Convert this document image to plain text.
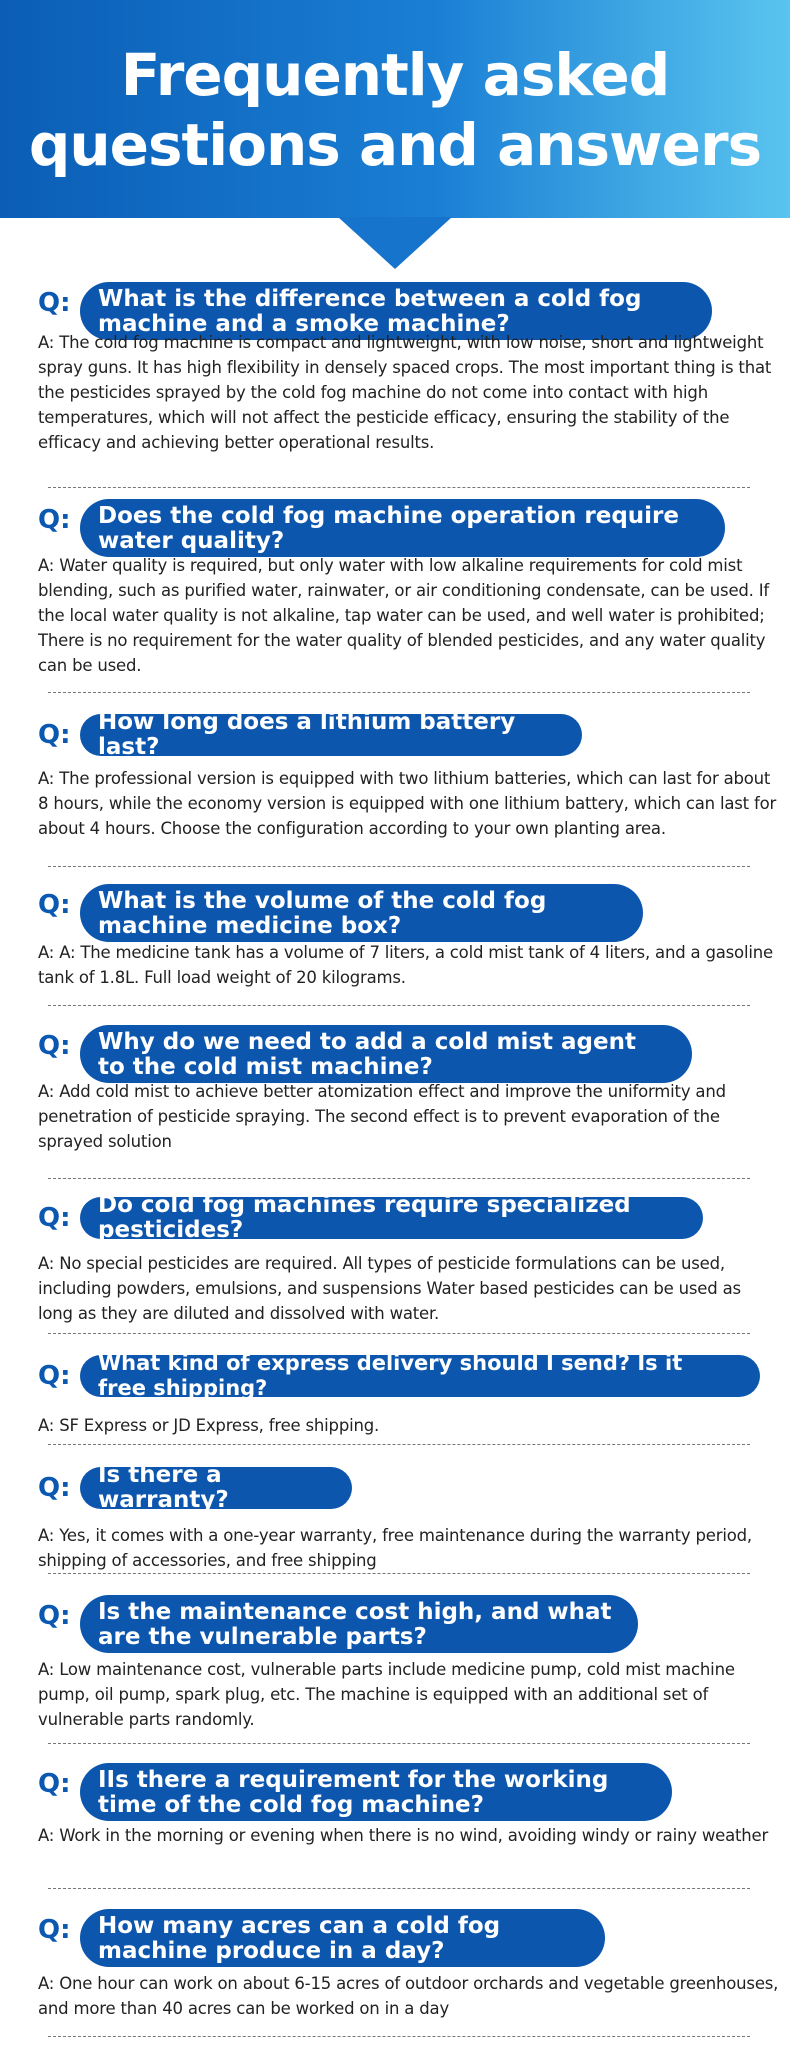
Frequently asked
questions and answers
Q:	What is the difference between a cold fog machine and a smoke machine?
A: The cold fog machine is compact and lightweight, with low noise, short and lightweight spray guns. It has high flexibility in densely spaced crops. The most important thing is that the pesticides sprayed by the cold fog machine do not come into contact with high temperatures, which will not affect the pesticide efficacy, ensuring the stability of the efficacy and achieving better operational results.
Q:	Does the cold fog machine operation require water quality?
A: Water quality is required, but only water with low alkaline requirements for cold mist blending, such as purified water, rainwater, or air conditioning condensate, can be used. If the local water quality is not alkaline, tap water can be used, and well water is prohibited; There is no requirement for the water quality of blended pesticides, and any water quality can be used.
Q:	How long does a lithium battery last?
A: The professional version is equipped with two lithium batteries, which can last for about 8 hours, while the economy version is equipped with one lithium battery, which can last for about 4 hours. Choose the configuration according to your own planting area.
Q:	What is the volume of the cold fog machine medicine box?
A: A: The medicine tank has a volume of 7 liters, a cold mist tank of 4 liters, and a gasoline tank of 1.8L. Full load weight of 20 kilograms.
Q:	Why do we need to add a cold mist agent to the cold mist machine?
A: Add cold mist to achieve better atomization effect and improve the uniformity and penetration of pesticide spraying. The second effect is to prevent evaporation of the sprayed solution
Q:	Do cold fog machines require specialized pesticides?
A: No special pesticides are required. All types of pesticide formulations can be used, including powders, emulsions, and suspensions Water based pesticides can be used as long as they are diluted and dissolved with water.
Q:	What kind of express delivery should I send? Is it free shipping?
A: SF Express or JD Express, free shipping.
Q:	Is there a warranty?
A: Yes, it comes with a one-year warranty, free maintenance during the warranty period, shipping of accessories, and free shipping
Q:	Is the maintenance cost high, and what are the vulnerable parts?
A: Low maintenance cost, vulnerable parts include medicine pump, cold mist machine pump, oil pump, spark plug, etc. The machine is equipped with an additional set of vulnerable parts randomly.
Q:	IIs there a requirement for the working time of the cold fog machine?
A: Work in the morning or evening when there is no wind, avoiding windy or rainy weather
Q:	How many acres can a cold fog machine produce in a day?
A: One hour can work on about 6-15 acres of outdoor orchards and vegetable greenhouses, and more than 40 acres can be worked on in a day
